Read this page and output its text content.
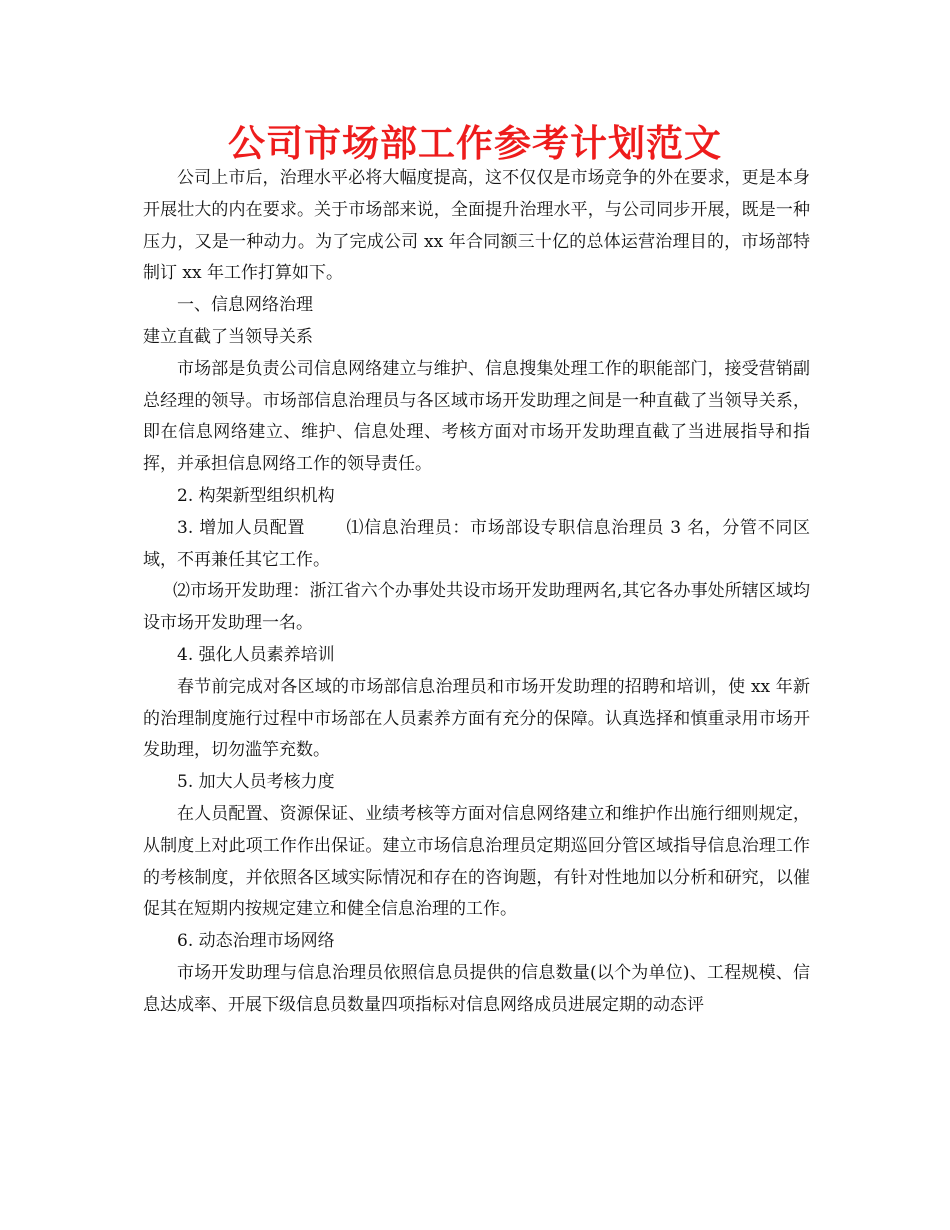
公司市场部工作参考计划范文

公司上市后，治理水平必将大幅度提高，这不仅仅是市场竞争的外在要求，更是本身开展壮大的内在要求。关于市场部来说，全面提升治理水平，与公司同步开展，既是一种压力，又是一种动力。为了完成公司 xx 年合同额三十亿的总体运营治理目的，市场部特制订 xx 年工作打算如下。

一、信息网络治理

建立直截了当领导关系

市场部是负责公司信息网络建立与维护、信息搜集处理工作的职能部门，接受营销副总经理的领导。市场部信息治理员与各区域市场开发助理之间是一种直截了当领导关系，即在信息网络建立、维护、信息处理、考核方面对市场开发助理直截了当进展指导和指挥，并承担信息网络工作的领导责任。

2. 构架新型组织机构

3. 增加人员配置　　 ⑴信息治理员：市场部设专职信息治理员 3 名，分管不同区域，不再兼任其它工作。

⑵市场开发助理：浙江省六个办事处共设市场开发助理两名,其它各办事处所辖区域均设市场开发助理一名。

4. 强化人员素养培训

春节前完成对各区域的市场部信息治理员和市场开发助理的招聘和培训，使 xx 年新的治理制度施行过程中市场部在人员素养方面有充分的保障。认真选择和慎重录用市场开发助理，切勿滥竽充数。

5. 加大人员考核力度

在人员配置、资源保证、业绩考核等方面对信息网络建立和维护作出施行细则规定，从制度上对此项工作作出保证。建立市场信息治理员定期巡回分管区域指导信息治理工作的考核制度，并依照各区域实际情况和存在的咨询题，有针对性地加以分析和研究，以催促其在短期内按规定建立和健全信息治理的工作。

6. 动态治理市场网络

市场开发助理与信息治理员依照信息员提供的信息数量(以个为单位)、工程规模、信息达成率、开展下级信息员数量四项指标对信息网络成员进展定期的动态评
